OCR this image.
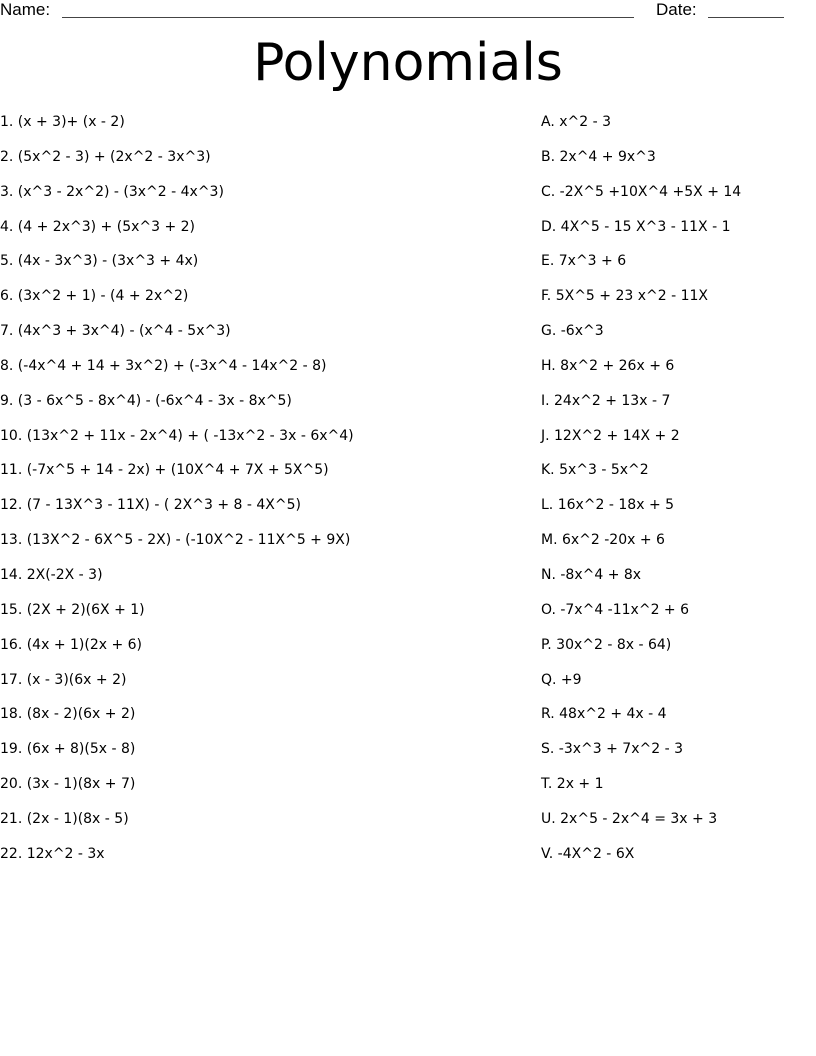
Name:	Date:
Polynomials
1. (x + 3)+ (x - 2)
2. (5x^2 - 3) + (2x^2 - 3x^3)
3. (x^3 - 2x^2) - (3x^2 - 4x^3)
4. (4 + 2x^3) + (5x^3 + 2)
5. (4x - 3x^3) - (3x^3 + 4x)
6. (3x^2 + 1) - (4 + 2x^2)
7. (4x^3 + 3x^4) - (x^4 - 5x^3)
8. (-4x^4 + 14 + 3x^2) + (-3x^4 - 14x^2 - 8)
9. (3 - 6x^5 - 8x^4) - (-6x^4 - 3x - 8x^5)
10. (13x^2 + 11x - 2x^4) + ( -13x^2 - 3x - 6x^4)
11. (-7x^5 + 14 - 2x) + (10X^4 + 7X + 5X^5)
12. (7 - 13X^3 - 11X) - ( 2X^3 + 8 - 4X^5)
13. (13X^2 - 6X^5 - 2X) - (-10X^2 - 11X^5 + 9X)
14. 2X(-2X - 3)
15. (2X + 2)(6X + 1)
16. (4x + 1)(2x + 6)
17. (x - 3)(6x + 2)
18. (8x - 2)(6x + 2)
19. (6x + 8)(5x - 8)
20. (3x - 1)(8x + 7)
21. (2x - 1)(8x - 5)
22. 12x^2 - 3x
A. x^2 - 3
B. 2x^4 + 9x^3
C. -2X^5 +10X^4 +5X + 14
D. 4X^5 - 15 X^3 - 11X - 1
E. 7x^3 + 6
F. 5X^5 + 23 x^2 - 11X
G. -6x^3
H. 8x^2 + 26x + 6
I. 24x^2 + 13x - 7
J. 12X^2 + 14X + 2
K. 5x^3 - 5x^2
L. 16x^2 - 18x + 5
M. 6x^2 -20x + 6
N. -8x^4 + 8x
O. -7x^4 -11x^2 + 6
P. 30x^2 - 8x - 64)
Q. +9
R. 48x^2 + 4x - 4
S. -3x^3 + 7x^2 - 3
T. 2x + 1
U. 2x^5 - 2x^4 = 3x + 3
V. -4X^2 - 6X
